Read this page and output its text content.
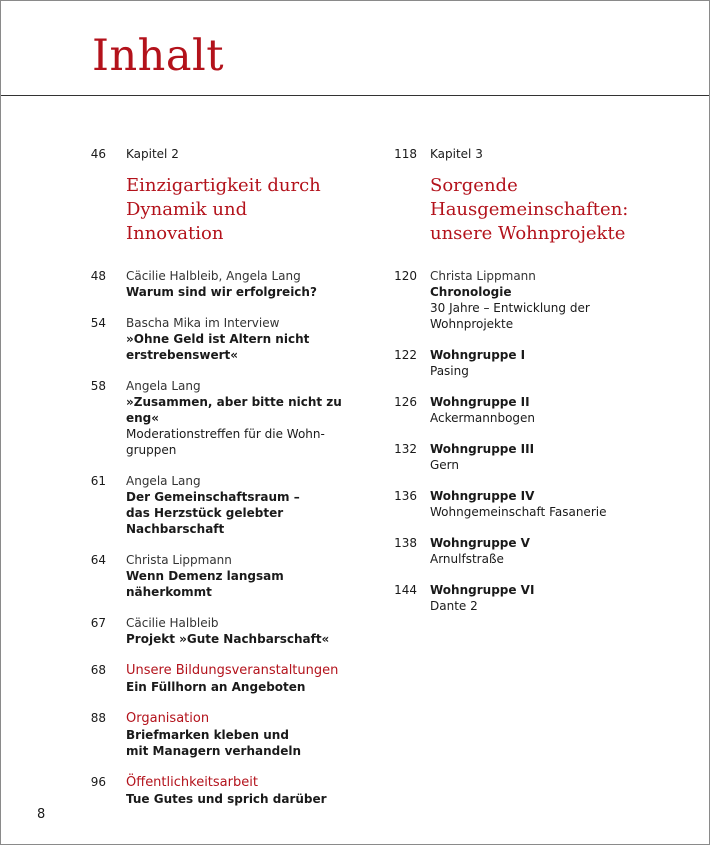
Inhalt
46 Kapitel 2
Einzigartigkeit durch
Dynamik und
Innovation
48 Cäcilie Halbleib, Angela Lang
Warum sind wir erfolgreich?
54 Bascha Mika im Interview
»Ohne Geld ist Altern nicht
erstrebenswert«
58 Angela Lang
»Zusammen, aber bitte nicht zu eng«
Moderationstreffen für die Wohn-
gruppen
61 Angela Lang
Der Gemeinschaftsraum –
das Herzstück gelebter Nachbarschaft
64 Christa Lippmann
Wenn Demenz langsam näherkommt
67 Cäcilie Halbleib
Projekt »Gute Nachbarschaft«
68 Unsere Bildungsveranstaltungen
Ein Füllhorn an Angeboten
88 Organisation
Briefmarken kleben und
mit Managern verhandeln
96 Öffentlichkeitsarbeit
Tue Gutes und sprich darüber
118 Kapitel 3
Sorgende
Hausgemeinschaften:
unsere Wohnprojekte
120 Christa Lippmann
Chronologie
30 Jahre – Entwicklung der
Wohnprojekte
122 Wohngruppe I
Pasing
126 Wohngruppe II
Ackermannbogen
132 Wohngruppe III
Gern
136 Wohngruppe IV
Wohngemeinschaft Fasanerie
138 Wohngruppe V
Arnulfstraße
144 Wohngruppe VI
Dante 2
8
